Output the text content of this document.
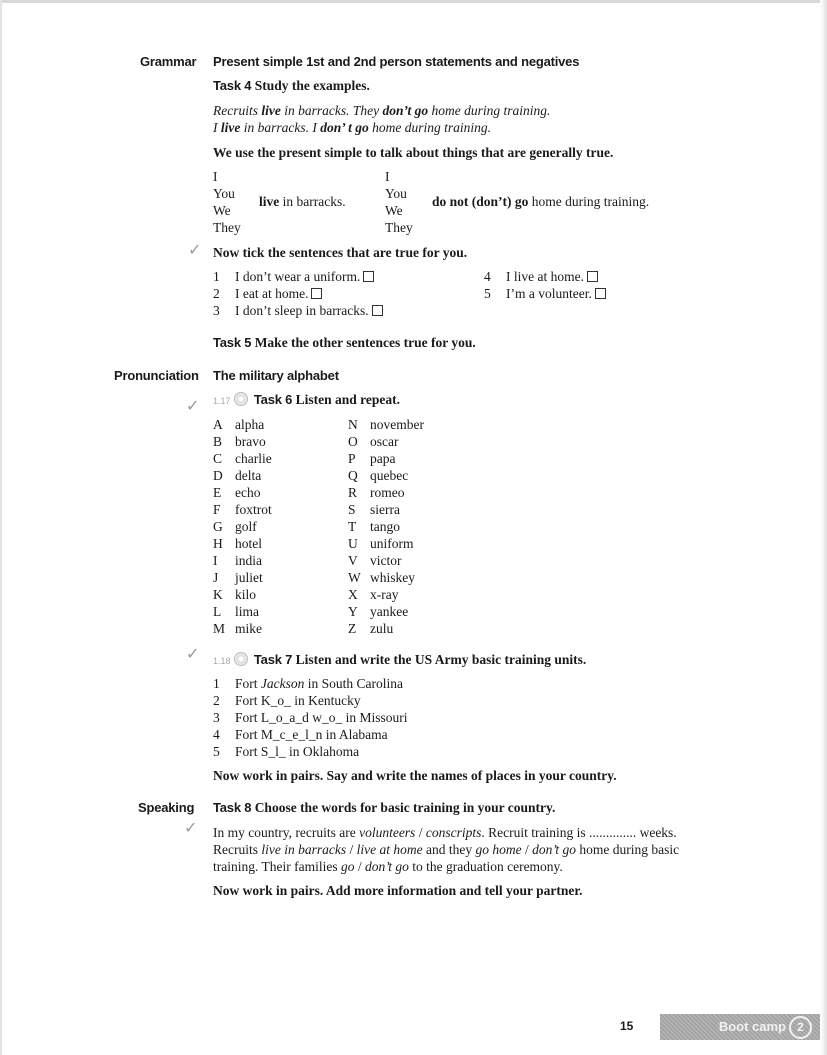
Grammar
Pronunciation
Speaking
Present simple 1st and 2nd person statements and negatives
Task 4 Study the examples.
Recruits live in barracks. They don’t go home during training.
I live in barracks. I don’ t go home during training.
We use the present simple to talk about things that are generally true.
I
You
We
They
live in barracks.
I
You
We
They
do not (don’t) go home during training.
✓ Now tick the sentences that are true for you.
1 I don’t wear a uniform.
2 I eat at home.
3 I don’t sleep in barracks.
4 I live at home.
5 I’m a volunteer.
Task 5 Make the other sentences true for you.
The military alphabet
✓ 1.17 Task 6 Listen and repeat.
A alpha
B bravo
C charlie
D delta
E echo
F foxtrot
G golf
H hotel
I india
J juliet
K kilo
L lima
M mike
N november
O oscar
P papa
Q quebec
R romeo
S sierra
T tango
U uniform
V victor
W whiskey
X x-ray
Y yankee
Z zulu
✓ 1.18 Task 7 Listen and write the US Army basic training units.
1 Fort Jackson in South Carolina
2 Fort K_o_ in Kentucky
3 Fort L_o_a_d w_o_ in Missouri
4 Fort M_c_e_l_n in Alabama
5 Fort S_l_ in Oklahoma
Now work in pairs. Say and write the names of places in your country.
Task 8 Choose the words for basic training in your country.
✓ In my country, recruits are volunteers / conscripts. Recruit training is .............. weeks.
Recruits live in barracks / live at home and they go home / don’t go home during basic
training. Their families go / don’t go to the graduation ceremony.
Now work in pairs. Add more information and tell your partner.
15	Boot camp 2
